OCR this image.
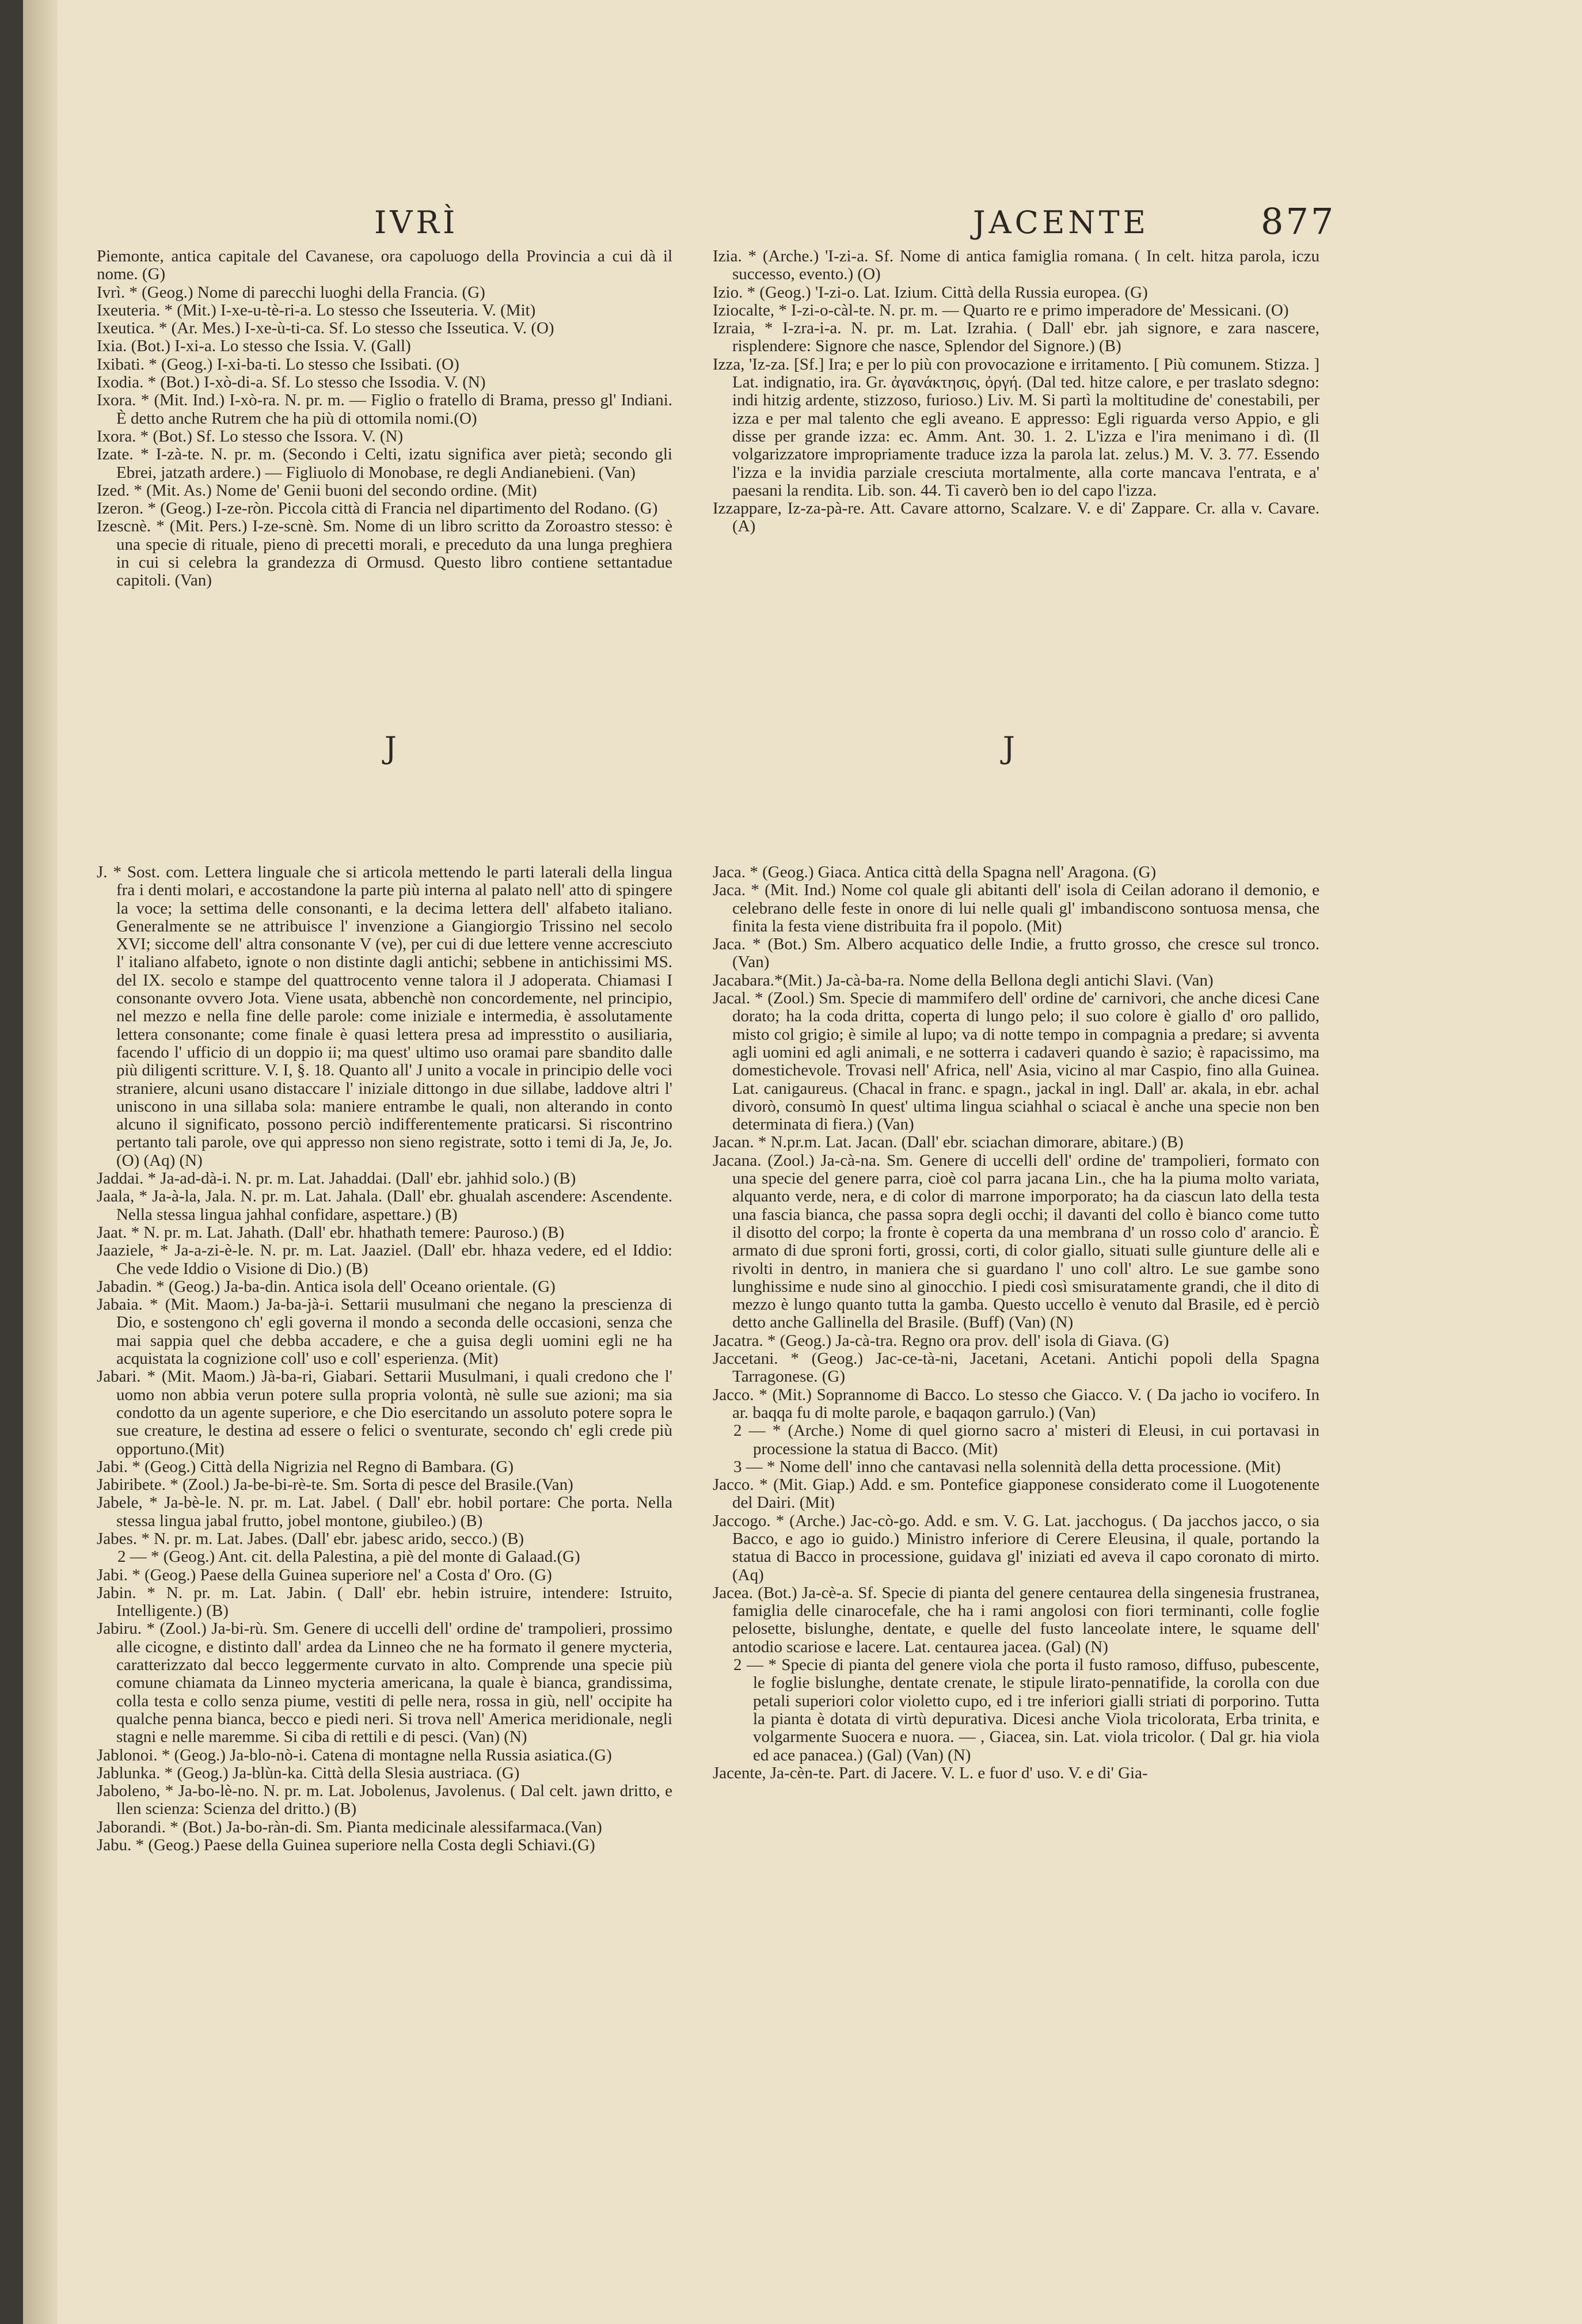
IVRÌ	JACENTE	877

Piemonte, antica capitale del Cavanese, ora capoluogo della Provincia a cui dà il nome. (G)

Ivrì. * (Geog.) Nome di parecchi luoghi della Francia. (G)

Ixeuteria. * (Mit.) I-xe-u-tè-ri-a. Lo stesso che Isseuteria. V. (Mit)

Ixeutica. * (Ar. Mes.) I-xe-ù-ti-ca. Sf. Lo stesso che Isseutica. V. (O)

Ixia. (Bot.) I-xi-a. Lo stesso che Issia. V. (Gall)

Ixibati. * (Geog.) I-xi-ba-ti. Lo stesso che Issibati. (O)

Ixodia. * (Bot.) I-xò-di-a. Sf. Lo stesso che Issodia. V. (N)

Ixora. * (Mit. Ind.) I-xò-ra. N. pr. m. — Figlio o fratello di Brama, presso gl' Indiani. È detto anche Rutrem che ha più di ottomila nomi.(O)

Ixora. * (Bot.) Sf. Lo stesso che Issora. V. (N)

Izate. * I-zà-te. N. pr. m. (Secondo i Celti, izatu significa aver pietà; secondo gli Ebrei, jatzath ardere.) — Figliuolo di Monobase, re degli Andianebieni. (Van)

Ized. * (Mit. As.) Nome de' Genii buoni del secondo ordine. (Mit)

Izeron. * (Geog.) I-ze-ròn. Piccola città di Francia nel dipartimento del Rodano. (G)

Izescnè. * (Mit. Pers.) I-ze-scnè. Sm. Nome di un libro scritto da Zoroastro stesso: è una specie di rituale, pieno di precetti morali, e preceduto da una lunga preghiera in cui si celebra la grandezza di Ormusd. Questo libro contiene settantadue capitoli. (Van)

Izia. * (Arche.) 'I-zi-a. Sf. Nome di antica famiglia romana. ( In celt. hitza parola, iczu successo, evento.) (O)

Izio. * (Geog.) 'I-zi-o. Lat. Izium. Città della Russia europea. (G)

Iziocalte, * I-zi-o-càl-te. N. pr. m. — Quarto re e primo imperadore de' Messicani. (O)

Izraia, * I-zra-i-a. N. pr. m. Lat. Izrahia. ( Dall' ebr. jah signore, e zara nascere, risplendere: Signore che nasce, Splendor del Signore.) (B)

Izza, 'Iz-za. [Sf.] Ira; e per lo più con provocazione e irritamento. [ Più comunem. Stizza. ] Lat. indignatio, ira. Gr. ἀγανάκτησις, ὀργή. (Dal ted. hitze calore, e per traslato sdegno: indi hitzig ardente, stizzoso, furioso.) Liv. M. Si partì la moltitudine de' conestabili, per izza e per mal talento che egli aveano. E appresso: Egli riguarda verso Appio, e gli disse per grande izza: ec. Amm. Ant. 30. 1. 2. L'izza e l'ira menimano i dì. (Il volgarizzatore impropriamente traduce izza la parola lat. zelus.) M. V. 3. 77. Essendo l'izza e la invidia parziale cresciuta mortalmente, alla corte mancava l'entrata, e a' paesani la rendita. Lib. son. 44. Ti caverò ben io del capo l'izza.

Izzappare, Iz-za-pà-re. Att. Cavare attorno, Scalzare. V. e di' Zappare. Cr. alla v. Cavare. (A)

J	J

J. * Sost. com. Lettera linguale che si articola mettendo le parti laterali della lingua fra i denti molari, e accostandone la parte più interna al palato nell' atto di spingere la voce; la settima delle consonanti, e la decima lettera dell' alfabeto italiano. Generalmente se ne attribuisce l' invenzione a Giangiorgio Trissino nel secolo XVI; siccome dell' altra consonante V (ve), per cui di due lettere venne accresciuto l' italiano alfabeto, ignote o non distinte dagli antichi; sebbene in antichissimi MS. del IX. secolo e stampe del quattrocento venne talora il J adoperata. Chiamasi I consonante ovvero Jota. Viene usata, abbenchè non concordemente, nel principio, nel mezzo e nella fine delle parole: come iniziale e intermedia, è assolutamente lettera consonante; come finale è quasi lettera presa ad impresstito o ausiliaria, facendo l' ufficio di un doppio ii; ma quest' ultimo uso oramai pare sbandito dalle più diligenti scritture. V. I, §. 18. Quanto all' J unito a vocale in principio delle voci straniere, alcuni usano distaccare l' iniziale dittongo in due sillabe, laddove altri l' uniscono in una sillaba sola: maniere entrambe le quali, non alterando in conto alcuno il significato, possono perciò indifferentemente praticarsi. Si riscontrino pertanto tali parole, ove qui appresso non sieno registrate, sotto i temi di Ja, Je, Jo. (O) (Aq) (N)

Jaddai. * Ja-ad-dà-i. N. pr. m. Lat. Jahaddai. (Dall' ebr. jahhid solo.) (B)

Jaala, * Ja-à-la, Jala. N. pr. m. Lat. Jahala. (Dall' ebr. ghualah ascendere: Ascendente. Nella stessa lingua jahhal confidare, aspettare.) (B)

Jaat. * N. pr. m. Lat. Jahath. (Dall' ebr. hhathath temere: Pauroso.) (B)

Jaaziele, * Ja-a-zi-è-le. N. pr. m. Lat. Jaaziel. (Dall' ebr. hhaza vedere, ed el Iddio: Che vede Iddio o Visione di Dio.) (B)

Jabadin. * (Geog.) Ja-ba-din. Antica isola dell' Oceano orientale. (G)

Jabaia. * (Mit. Maom.) Ja-ba-jà-i. Settarii musulmani che negano la prescienza di Dio, e sostengono ch' egli governa il mondo a seconda delle occasioni, senza che mai sappia quel che debba accadere, e che a guisa degli uomini egli ne ha acquistata la cognizione coll' uso e coll' esperienza. (Mit)

Jabari. * (Mit. Maom.) Jà-ba-ri, Giabari. Settarii Musulmani, i quali credono che l' uomo non abbia verun potere sulla propria volontà, nè sulle sue azioni; ma sia condotto da un agente superiore, e che Dio esercitando un assoluto potere sopra le sue creature, le destina ad essere o felici o sventurate, secondo ch' egli crede più opportuno.(Mit)

Jabi. * (Geog.) Città della Nigrizia nel Regno di Bambara. (G)

Jabiribete. * (Zool.) Ja-be-bi-rè-te. Sm. Sorta di pesce del Brasile.(Van)

Jabele, * Ja-bè-le. N. pr. m. Lat. Jabel. ( Dall' ebr. hobil portare: Che porta. Nella stessa lingua jabal frutto, jobel montone, giubileo.) (B)

Jabes. * N. pr. m. Lat. Jabes. (Dall' ebr. jabesc arido, secco.) (B)

2 — * (Geog.) Ant. cit. della Palestina, a piè del monte di Galaad.(G)

Jabi. * (Geog.) Paese della Guinea superiore nel' a Costa d' Oro. (G)

Jabin. * N. pr. m. Lat. Jabin. ( Dall' ebr. hebin istruire, intendere: Istruito, Intelligente.) (B)

Jabiru. * (Zool.) Ja-bi-rù. Sm. Genere di uccelli dell' ordine de' trampolieri, prossimo alle cicogne, e distinto dall' ardea da Linneo che ne ha formato il genere mycteria, caratterizzato dal becco leggermente curvato in alto. Comprende una specie più comune chiamata da Linneo mycteria americana, la quale è bianca, grandissima, colla testa e collo senza piume, vestiti di pelle nera, rossa in giù, nell' occipite ha qualche penna bianca, becco e piedi neri. Si trova nell' America meridionale, negli stagni e nelle maremme. Si ciba di rettili e di pesci. (Van) (N)

Jablonoi. * (Geog.) Ja-blo-nò-i. Catena di montagne nella Russia asiatica.(G)

Jablunka. * (Geog.) Ja-blùn-ka. Città della Slesia austriaca. (G)

Jaboleno, * Ja-bo-lè-no. N. pr. m. Lat. Jobolenus, Javolenus. ( Dal celt. jawn dritto, e llen scienza: Scienza del dritto.) (B)

Jaborandi. * (Bot.) Ja-bo-ràn-di. Sm. Pianta medicinale alessifarmaca.(Van)

Jabu. * (Geog.) Paese della Guinea superiore nella Costa degli Schiavi.(G)

Jaca. * (Geog.) Giaca. Antica città della Spagna nell' Aragona. (G)

Jaca. * (Mit. Ind.) Nome col quale gli abitanti dell' isola di Ceilan adorano il demonio, e celebrano delle feste in onore di lui nelle quali gl' imbandiscono sontuosa mensa, che finita la festa viene distribuita fra il popolo. (Mit)

Jaca. * (Bot.) Sm. Albero acquatico delle Indie, a frutto grosso, che cresce sul tronco. (Van)

Jacabara.*(Mit.) Ja-cà-ba-ra. Nome della Bellona degli antichi Slavi. (Van)

Jacal. * (Zool.) Sm. Specie di mammifero dell' ordine de' carnivori, che anche dicesi Cane dorato; ha la coda dritta, coperta di lungo pelo; il suo colore è giallo d' oro pallido, misto col grigio; è simile al lupo; va di notte tempo in compagnia a predare; si avventa agli uomini ed agli animali, e ne sotterra i cadaveri quando è sazio; è rapacissimo, ma domestichevole. Trovasi nell' Africa, nell' Asia, vicino al mar Caspio, fino alla Guinea. Lat. canigaureus. (Chacal in franc. e spagn., jackal in ingl. Dall' ar. akala, in ebr. achal divorò, consumò In quest' ultima lingua sciahhal o sciacal è anche una specie non ben determinata di fiera.) (Van)

Jacan. * N.pr.m. Lat. Jacan. (Dall' ebr. sciachan dimorare, abitare.) (B)

Jacana. (Zool.) Ja-cà-na. Sm. Genere di uccelli dell' ordine de' trampolieri, formato con una specie del genere parra, cioè col parra jacana Lin., che ha la piuma molto variata, alquanto verde, nera, e di color di marrone imporporato; ha da ciascun lato della testa una fascia bianca, che passa sopra degli occhi; il davanti del collo è bianco come tutto il disotto del corpo; la fronte è coperta da una membrana d' un rosso colo d' arancio. È armato di due sproni forti, grossi, corti, di color giallo, situati sulle giunture delle ali e rivolti in dentro, in maniera che si guardano l' uno coll' altro. Le sue gambe sono lunghissime e nude sino al ginocchio. I piedi così smisuratamente grandi, che il dito di mezzo è lungo quanto tutta la gamba. Questo uccello è venuto dal Brasile, ed è perciò detto anche Gallinella del Brasile. (Buff) (Van) (N)

Jacatra. * (Geog.) Ja-cà-tra. Regno ora prov. dell' isola di Giava. (G)

Jaccetani. * (Geog.) Jac-ce-tà-ni, Jacetani, Acetani. Antichi popoli della Spagna Tarragonese. (G)

Jacco. * (Mit.) Soprannome di Bacco. Lo stesso che Giacco. V. ( Da jacho io vocifero. In ar. baqqa fu di molte parole, e baqaqon garrulo.) (Van)

2 — * (Arche.) Nome di quel giorno sacro a' misteri di Eleusi, in cui portavasi in processione la statua di Bacco. (Mit)

3 — * Nome dell' inno che cantavasi nella solennità della detta processione. (Mit)

Jacco. * (Mit. Giap.) Add. e sm. Pontefice giapponese considerato come il Luogotenente del Dairi. (Mit)

Jaccogo. * (Arche.) Jac-cò-go. Add. e sm. V. G. Lat. jacchogus. ( Da jacchos jacco, o sia Bacco, e ago io guido.) Ministro inferiore di Cerere Eleusina, il quale, portando la statua di Bacco in processione, guidava gl' iniziati ed aveva il capo coronato di mirto. (Aq)

Jacea. (Bot.) Ja-cè-a. Sf. Specie di pianta del genere centaurea della singenesia frustranea, famiglia delle cinarocefale, che ha i rami angolosi con fiori terminanti, colle foglie pelosette, bislunghe, dentate, e quelle del fusto lanceolate intere, le squame dell' antodio scariose e lacere. Lat. centaurea jacea. (Gal) (N)

2 — * Specie di pianta del genere viola che porta il fusto ramoso, diffuso, pubescente, le foglie bislunghe, dentate crenate, le stipule lirato-pennatifide, la corolla con due petali superiori color violetto cupo, ed i tre inferiori gialli striati di porporino. Tutta la pianta è dotata di virtù depurativa. Dicesi anche Viola tricolorata, Erba trinita, e volgarmente Suocera e nuora. — , Giacea, sin. Lat. viola tricolor. ( Dal gr. hia viola ed ace panacea.) (Gal) (Van) (N)

Jacente, Ja-cèn-te. Part. di Jacere. V. L. e fuor d' uso. V. e di' Gia-
